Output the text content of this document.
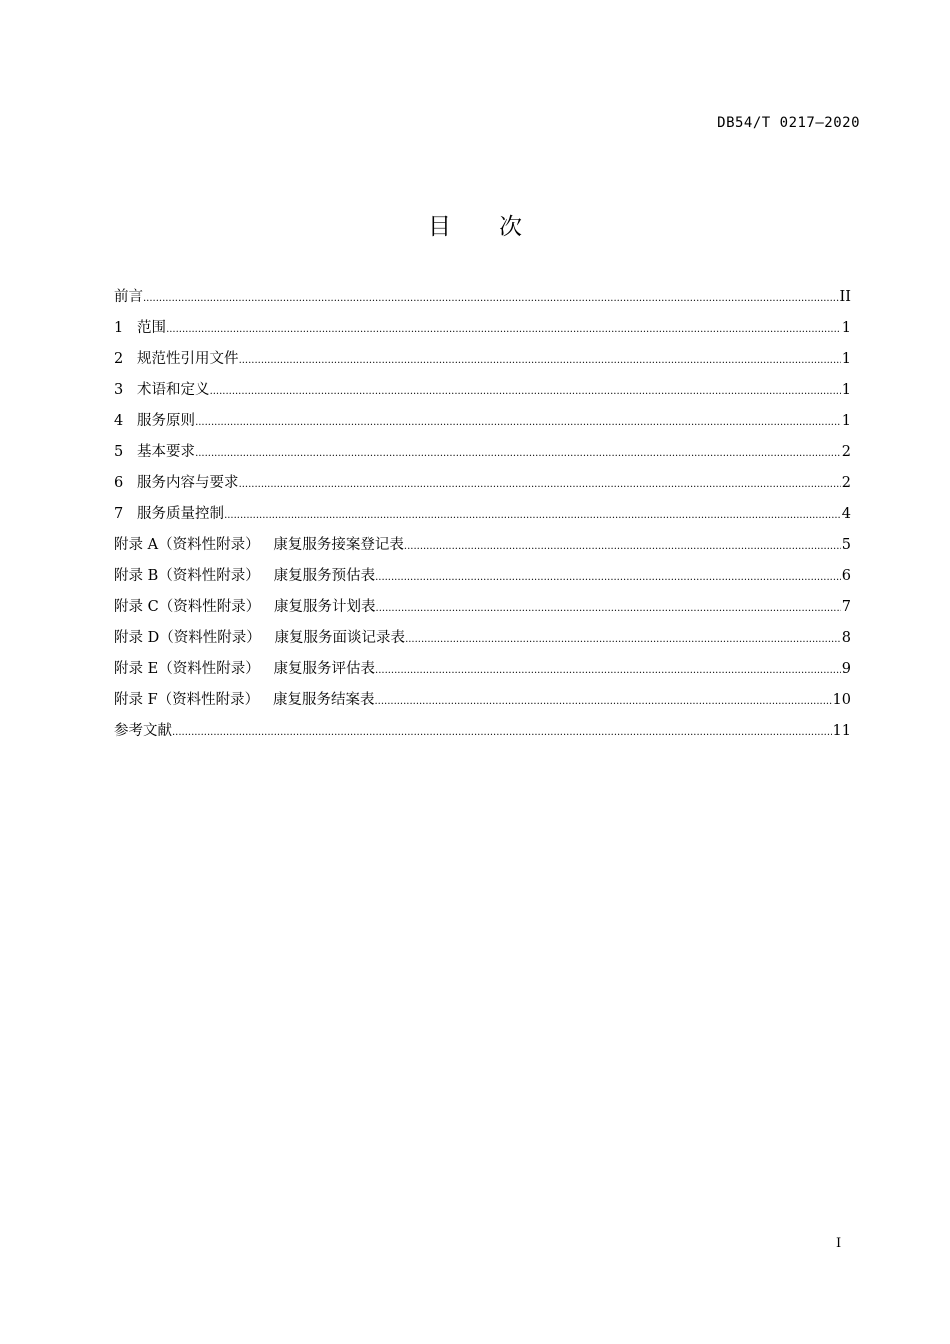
DB54/T 0217—2020
目 次
前言 .....	II
1   范围 .....	1
2   规范性引用文件 .....	1
3   术语和定义 .....	1
4   服务原则 .....	1
5   基本要求 .....	2
6   服务内容与要求 .....	2
7   服务质量控制 .....	4
附录 A（资料性附录）   康复服务接案登记表 .....	5
附录 B（资料性附录）   康复服务预估表 .....	6
附录 C（资料性附录）   康复服务计划表 .....	7
附录 D（资料性附录）   康复服务面谈记录表 .....	8
附录 E（资料性附录）   康复服务评估表 .....	9
附录 F（资料性附录）   康复服务结案表 .....	10
参考文献 .....	11
I
